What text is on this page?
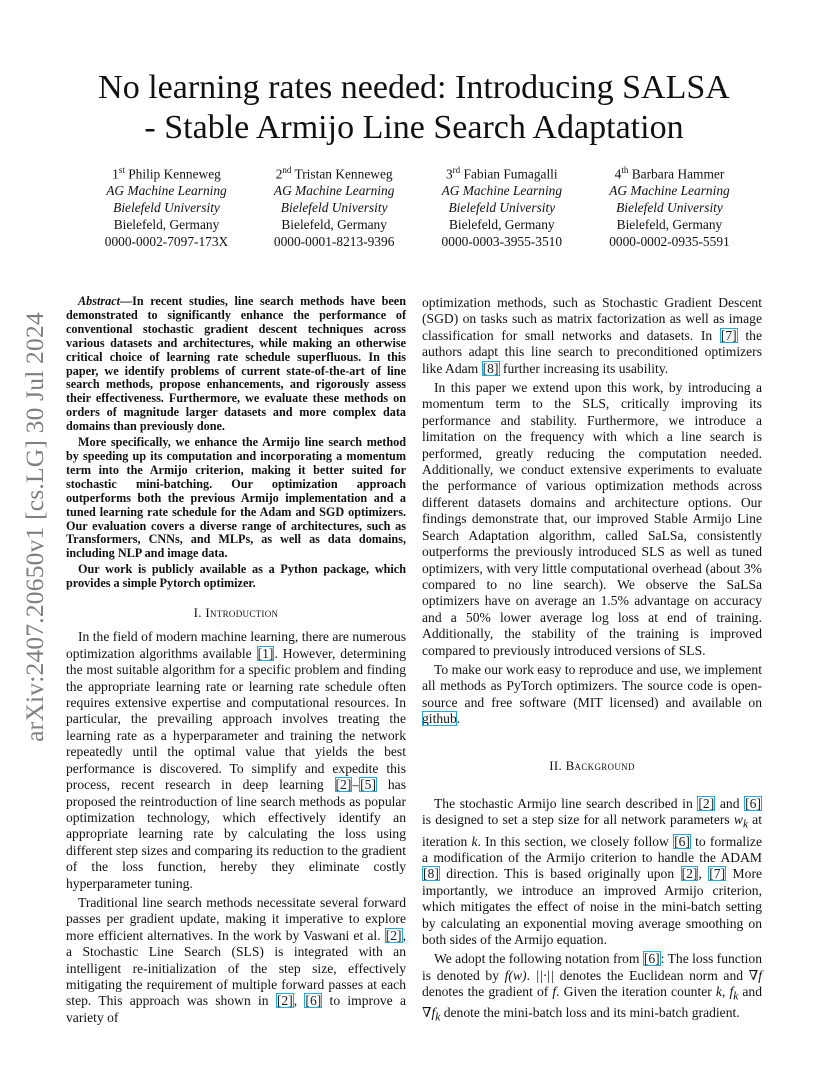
arXiv:2407.20650v1 [cs.LG] 30 Jul 2024
No learning rates needed: Introducing SALSA
- Stable Armijo Line Search Adaptation
1st Philip Kenneweg
AG Machine Learning
Bielefeld University
Bielefeld, Germany
0000-0002-7097-173X
2nd Tristan Kenneweg
AG Machine Learning
Bielefeld University
Bielefeld, Germany
0000-0001-8213-9396
3rd Fabian Fumagalli
AG Machine Learning
Bielefeld University
Bielefeld, Germany
0000-0003-3955-3510
4th Barbara Hammer
AG Machine Learning
Bielefeld University
Bielefeld, Germany
0000-0002-0935-5591

Abstract—In recent studies, line search methods have been demonstrated to significantly enhance the performance of conventional stochastic gradient descent techniques across various datasets and architectures, while making an otherwise critical choice of learning rate schedule superfluous. In this paper, we identify problems of current state-of-the-art of line search methods, propose enhancements, and rigorously assess their effectiveness. Furthermore, we evaluate these methods on orders of magnitude larger datasets and more complex data domains than previously done.

More specifically, we enhance the Armijo line search method by speeding up its computation and incorporating a momentum term into the Armijo criterion, making it better suited for stochastic mini-batching. Our optimization approach outperforms both the previous Armijo implementation and a tuned learning rate schedule for the Adam and SGD optimizers. Our evaluation covers a diverse range of architectures, such as Transformers, CNNs, and MLPs, as well as data domains, including NLP and image data.

Our work is publicly available as a Python package, which provides a simple Pytorch optimizer.

I. Introduction

In the field of modern machine learning, there are numerous optimization algorithms available [1]. However, determining the most suitable algorithm for a specific problem and finding the appropriate learning rate or learning rate schedule often requires extensive expertise and computational resources. In particular, the prevailing approach involves treating the learning rate as a hyperparameter and training the network repeatedly until the optimal value that yields the best performance is discovered. To simplify and expedite this process, recent research in deep learning [2]–[5] has proposed the reintroduction of line search methods as popular optimization technology, which effectively identify an appropriate learning rate by calculating the loss using different step sizes and comparing its reduction to the gradient of the loss function, hereby they eliminate costly hyperparameter tuning.

Traditional line search methods necessitate several forward passes per gradient update, making it imperative to explore more efficient alternatives. In the work by Vaswani et al. [2], a Stochastic Line Search (SLS) is integrated with an intelligent re-initialization of the step size, effectively mitigating the requirement of multiple forward passes at each step. This approach was shown in [2], [6] to improve a variety of

optimization methods, such as Stochastic Gradient Descent (SGD) on tasks such as matrix factorization as well as image classification for small networks and datasets. In [7] the authors adapt this line search to preconditioned optimizers like Adam [8] further increasing its usability.

In this paper we extend upon this work, by introducing a momentum term to the SLS, critically improving its performance and stability. Furthermore, we introduce a limitation on the frequency with which a line search is performed, greatly reducing the computation needed. Additionally, we conduct extensive experiments to evaluate the performance of various optimization methods across different datasets domains and architecture options. Our findings demonstrate that, our improved Stable Armijo Line Search Adaptation algorithm, called SaLSa, consistently outperforms the previously introduced SLS as well as tuned optimizers, with very little computational overhead (about 3% compared to no line search). We observe the SaLSa optimizers have on average an 1.5% advantage on accuracy and a 50% lower average log loss at end of training. Additionally, the stability of the training is improved compared to previously introduced versions of SLS.

To make our work easy to reproduce and use, we implement all methods as PyTorch optimizers. The source code is open-source and free software (MIT licensed) and available on github.

II. Background

The stochastic Armijo line search described in [2] and [6] is designed to set a step size for all network parameters $w_k$ at iteration k. In this section, we closely follow [6] to formalize a modification of the Armijo criterion to handle the ADAM [8] direction. This is based originally upon [2], [7] More importantly, we introduce an improved Armijo criterion, which mitigates the effect of noise in the mini-batch setting by calculating an exponential moving average smoothing on both sides of the Armijo equation.

We adopt the following notation from [6]: The loss function is denoted by f(w). ||·|| denotes the Euclidean norm and ∇f denotes the gradient of f. Given the iteration counter k, $f_k$ and $\nabla f_k$ denote the mini-batch loss and its mini-batch gradient.
